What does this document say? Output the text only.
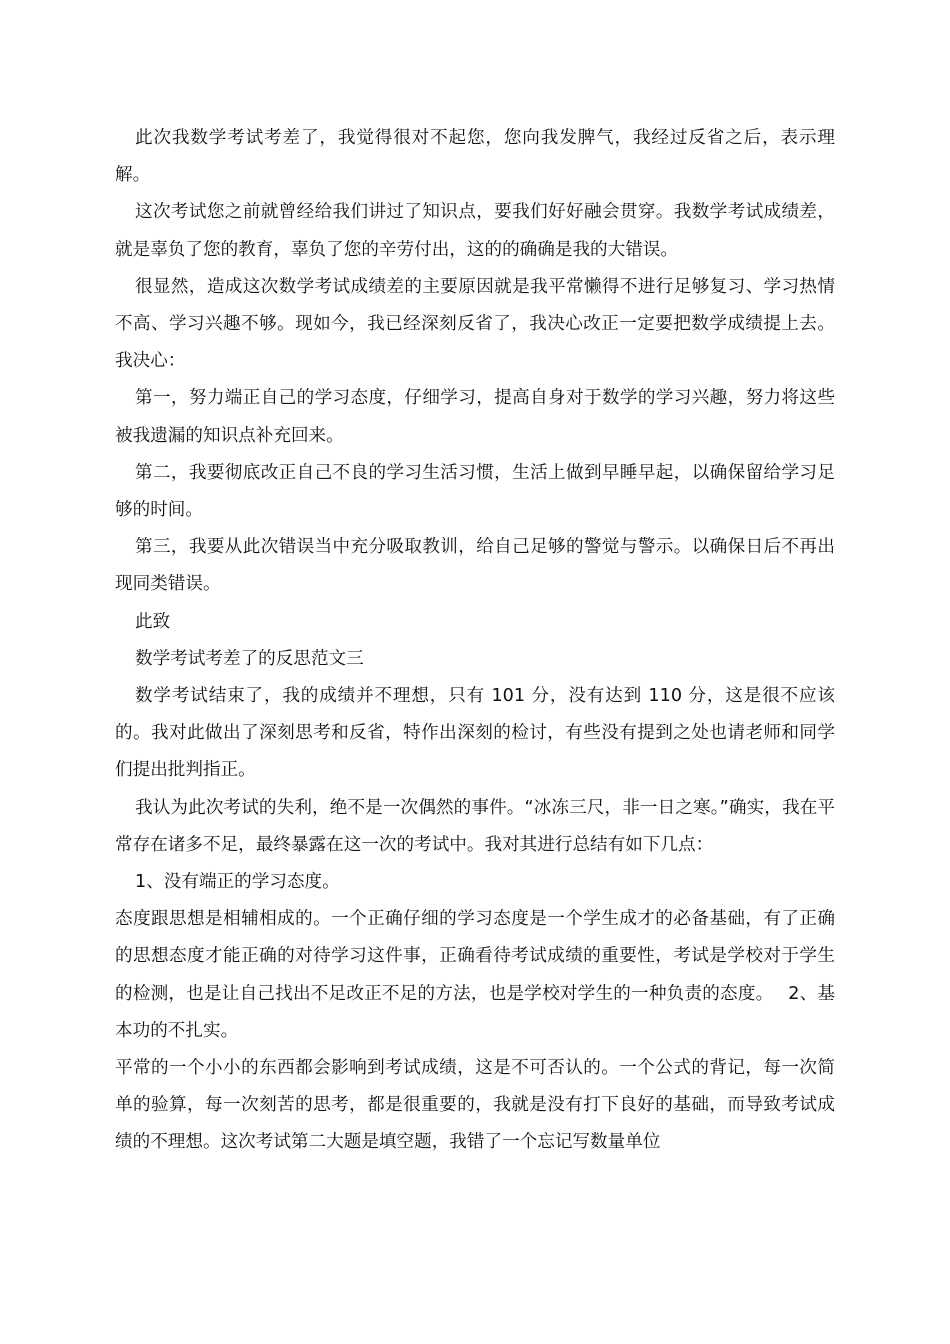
此次我数学考试考差了，我觉得很对不起您，您向我发脾气，我经过反省之后，表示理解。

这次考试您之前就曾经给我们讲过了知识点，要我们好好融会贯穿。我数学考试成绩差，就是辜负了您的教育，辜负了您的辛劳付出，这的的确确是我的大错误。

很显然，造成这次数学考试成绩差的主要原因就是我平常懒得不进行足够复习、学习热情不高、学习兴趣不够。现如今，我已经深刻反省了，我决心改正一定要把数学成绩提上去。我决心：

第一，努力端正自己的学习态度，仔细学习，提高自身对于数学的学习兴趣，努力将这些被我遗漏的知识点补充回来。

第二，我要彻底改正自己不良的学习生活习惯，生活上做到早睡早起，以确保留给学习足够的时间。

第三，我要从此次错误当中充分吸取教训，给自己足够的警觉与警示。以确保日后不再出现同类错误。

此致

数学考试考差了的反思范文三

数学考试结束了，我的成绩并不理想，只有 101 分，没有达到 110 分，这是很不应该的。我对此做出了深刻思考和反省，特作出深刻的检讨，有些没有提到之处也请老师和同学们提出批判指正。

我认为此次考试的失利，绝不是一次偶然的事件。“冰冻三尺，非一日之寒。”确实，我在平常存在诸多不足，最终暴露在这一次的考试中。我对其进行总结有如下几点：

1、没有端正的学习态度。

态度跟思想是相辅相成的。一个正确仔细的学习态度是一个学生成才的必备基础，有了正确的思想态度才能正确的对待学习这件事，正确看待考试成绩的重要性，考试是学校对于学生的检测，也是让自己找出不足改正不足的方法，也是学校对学生的一种负责的态度。　 2、基本功的不扎实。

平常的一个小小的东西都会影响到考试成绩，这是不可否认的。一个公式的背记，每一次简单的验算，每一次刻苦的思考，都是很重要的，我就是没有打下良好的基础，而导致考试成绩的不理想。这次考试第二大题是填空题，我错了一个忘记写数量单位
